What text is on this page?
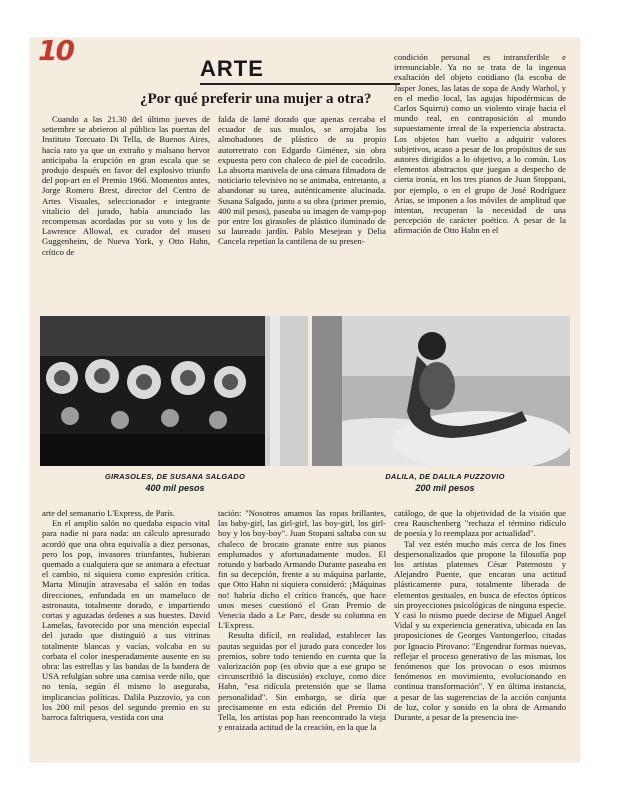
10
ARTE
¿Por qué preferir una mujer a otra?

Cuando a las 21.30 del último jueves de setiembre se abrieron al público las puertas del Instituto Torcuato Di Tella, de Buenos Aires, hacía rato ya que un extraño y malsano hervor anticipaba la erupción en gran escala que se produjo después en favor del explosivo triunfo del pop-art en el Premio 1966. Momentos antes, Jorge Romero Brest, director del Centro de Artes Visuales, seleccionador e integrante vitalicio del jurado, había anunciado las recompensas acordadas por su voto y los de Lawrence Allowal, ex curador del museo Guggenheim, de Nueva York, y Otto Hahn, crítico de

falda de lamé dorado que apenas cercaba el ecuador de sus muslos, se arrojaba los almohadones de plástico de su propio autorretrato con Edgardo Giménez, sin obra expuesta pero con chaleco de piel de cocodrilo. La absorta manivela de una cámara filmadora de noticiario televisivo no se animaba, entretanto, a abandonar su tarea, auténticamente alucinada. Susana Salgado, junto a su obra (primer premio, 400 mil pesos), paseaba su imagen de vamp-pop por entre los girasoles de plástico iluminado de su laureado jardín. Pablo Mesejean y Delia Cancela repetían la cantilena de su presen-

condición personal es intransferible e irrenunciable. Ya no se trata de la ingenua exaltación del objeto cotidiano (la escoba de Jasper Jones, las latas de sopa de Andy Warhol, y en el medio local, las agujas hipodérmicas de Carlos Squirru) como un violento viraje hacia el mundo real, en contraposición al mundo supuestamente irreal de la experiencia abstracta. Los objetos han vuelto a adquirir valores subjetivos, acaso a pesar de los propósitos de sus autores dirigidos a lo objetivo, a lo común. Los elementos abstractos que juegan a despecho de cierta ironía, en los tres pianos de Juan Stoppani, por ejemplo, o en el grupo de José Rodríguez Arias, se imponen a los móviles de amplitud que intentan, recuperan la necesidad de una percepción de carácter poético. A pesar de la afirmación de Otto Hahn en el

GIRASOLES, DE SUSANA SALGADO
400 mil pesos
DALILA, DE DALILA PUZZOVIO
200 mil pesos

arte del semanario L'Express, de París.

En el amplio salón no quedaba espacio vital para nadie ni para nada: un cálculo apresurado acordó que una obra equivalía a diez personas, pero los pop, invasores triunfantes, hubieran quemado a cualquiera que se animara a efectuar el cambio, ni siquiera como expresión crítica. Marta Minujín atravesaba el salón en todas direcciones, enfundada en un mameluco de astronauta, totalmente dorado, e impartiendo cortas y aguzadas órdenes a sus huestes. David Lamelas, favorecido por una mención especial del jurado que distinguió a sus vitrinas totalmente blancas y vacías, volcaba en su corbata el color inesperadamente ausente en su obra: las estrellas y las bandas de la bandera de USA refulgían sobre una camisa verde nilo, que no tenía, según él mismo lo aseguraba, implicancias políticas. Dalila Puzzovio, ya con los 200 mil pesos del segundo premio en su barroca faltriquera, vestida con una

tación: "Nosotros amamos las ropas brillantes, las baby-girl, las girl-girl, las boy-girl, los girl-boy y los boy-boy". Juan Stopani saltaba con su chaleco de brocato granate entre sus pianos emplumados y afortunadamente mudos. El rotundo y barbado Armando Durante paseaba en fin su decepción, frente a su máquina parlante, que Otto Hahn ni siquiera consideró: ¡Máquinas no! habría dicho el crítico francés, que hace unos meses cuestionó el Gran Premio de Venecia dado a Le Parc, desde su columna en L'Express.

Resulta difícil, en realidad, establecer las pautas seguidas por el jurado para conceder los premios, sobre todo teniendo en cuenta que la valorización pop (es obvio que a ese grupo se circunscribió la discusión) excluye, como dice Hahn, "esa ridícula pretensión que se llama personalidad". Sin embargo, se diría que precisamente en esta edición del Premio Di Tella, los artistas pop han reencontrado la vieja y enraizada actitud de la creación, en la que la

catálogo, de que la objetividad de la visión que crea Rauschenberg "rechaza el término ridículo de poesía y lo reemplaza por actualidad".

Tal vez estén mucho más cerca de los fines despersonalizados que propone la filosofía pop los artistas platenses César Paternosto y Alejandro Puente, que encaran una actitud plásticamente pura, totalmente liberada de elementos gestuales, en busca de efectos ópticos sin proyecciones psicológicas de ninguna especie. Y casi lo mismo puede decirse de Miguel Angel Vidal y su experiencia generativa, ubicada en las proposiciones de Georges Vantongerloo, citadas por Ignacio Pirovano: "Engendrar formas nuevas, reflejar el proceso generativo de las mismas, los fenómenos que los provocan o esos mismos fenómenos en movimiento, evolucionando en continua transformación". Y en última instancia, a pesar de las sugerencias de la acción conjunta de luz, color y sonido en la obra de Armando Durante, a pesar de la presencia ine-
